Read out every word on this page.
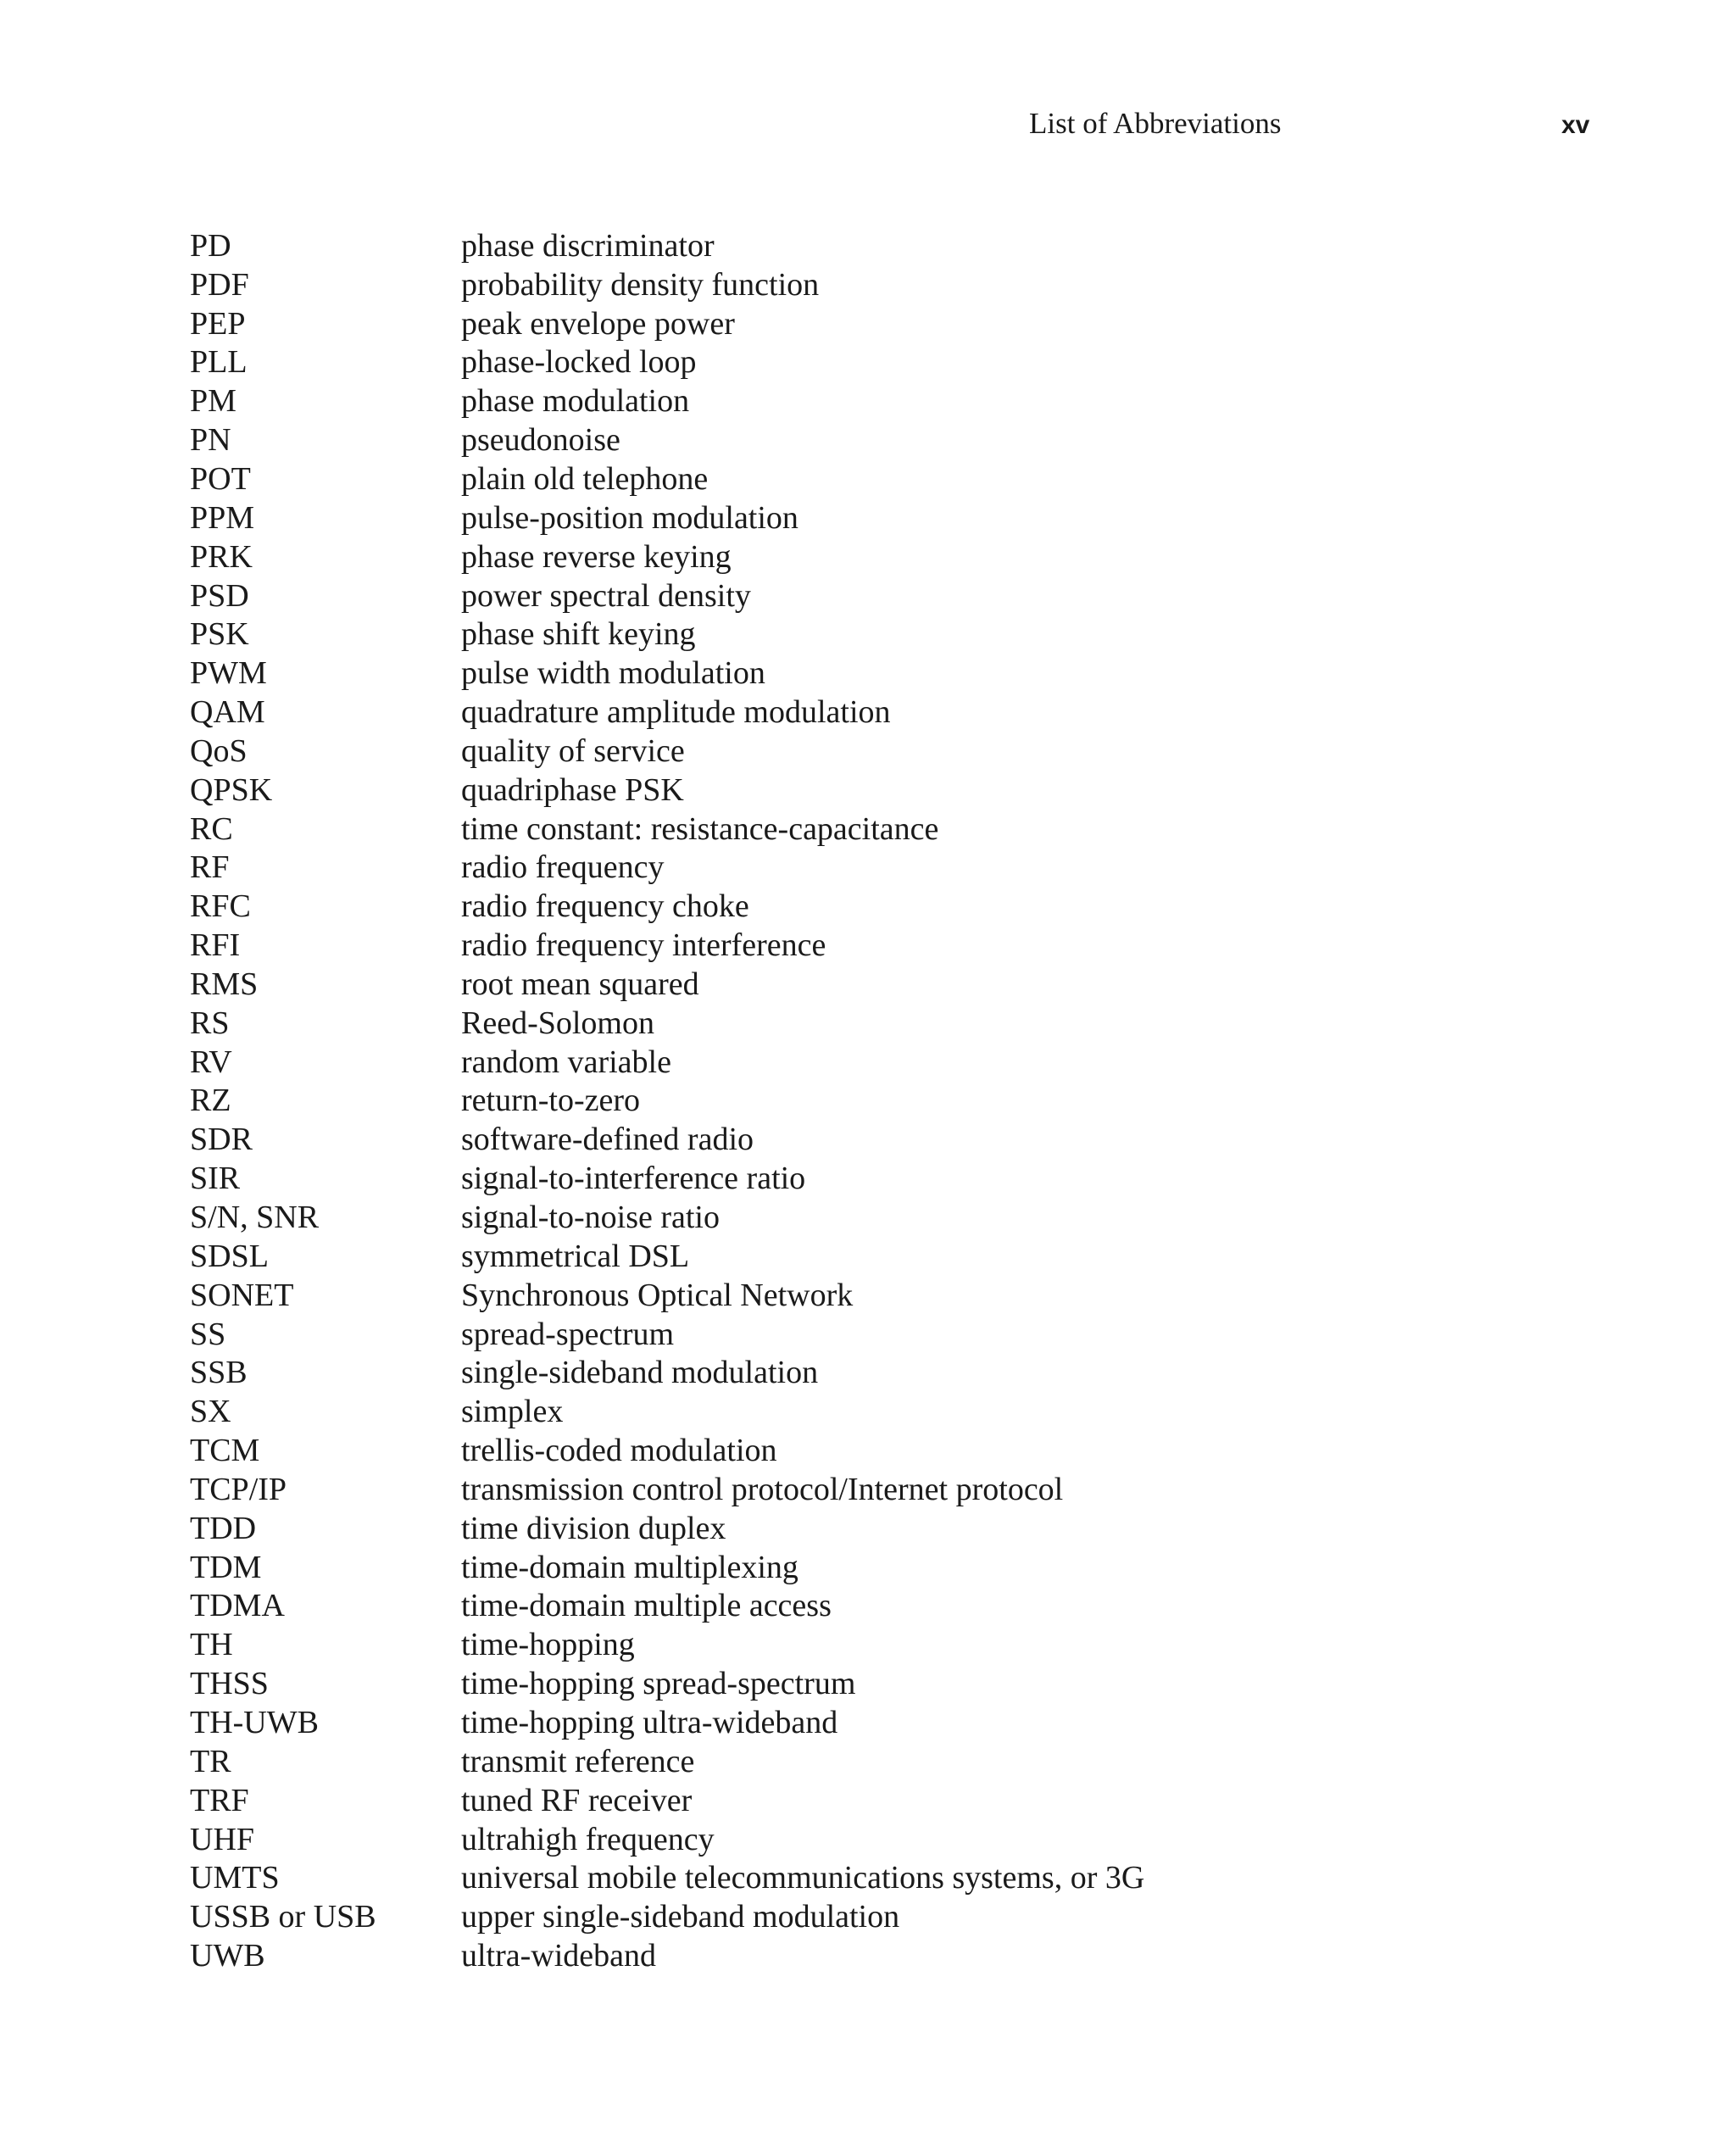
List of Abbreviations	xv
PD	phase discriminator
PDF	probability density function
PEP	peak envelope power
PLL	phase-locked loop
PM	phase modulation
PN	pseudonoise
POT	plain old telephone
PPM	pulse-position modulation
PRK	phase reverse keying
PSD	power spectral density
PSK	phase shift keying
PWM	pulse width modulation
QAM	quadrature amplitude modulation
QoS	quality of service
QPSK	quadriphase PSK
RC	time constant: resistance-capacitance
RF	radio frequency
RFC	radio frequency choke
RFI	radio frequency interference
RMS	root mean squared
RS	Reed-Solomon
RV	random variable
RZ	return-to-zero
SDR	software-defined radio
SIR	signal-to-interference ratio
S/N, SNR	signal-to-noise ratio
SDSL	symmetrical DSL
SONET	Synchronous Optical Network
SS	spread-spectrum
SSB	single-sideband modulation
SX	simplex
TCM	trellis-coded modulation
TCP/IP	transmission control protocol/Internet protocol
TDD	time division duplex
TDM	time-domain multiplexing
TDMA	time-domain multiple access
TH	time-hopping
THSS	time-hopping spread-spectrum
TH-UWB	time-hopping ultra-wideband
TR	transmit reference
TRF	tuned RF receiver
UHF	ultrahigh frequency
UMTS	universal mobile telecommunications systems, or 3G
USSB or USB	upper single-sideband modulation
UWB	ultra-wideband
